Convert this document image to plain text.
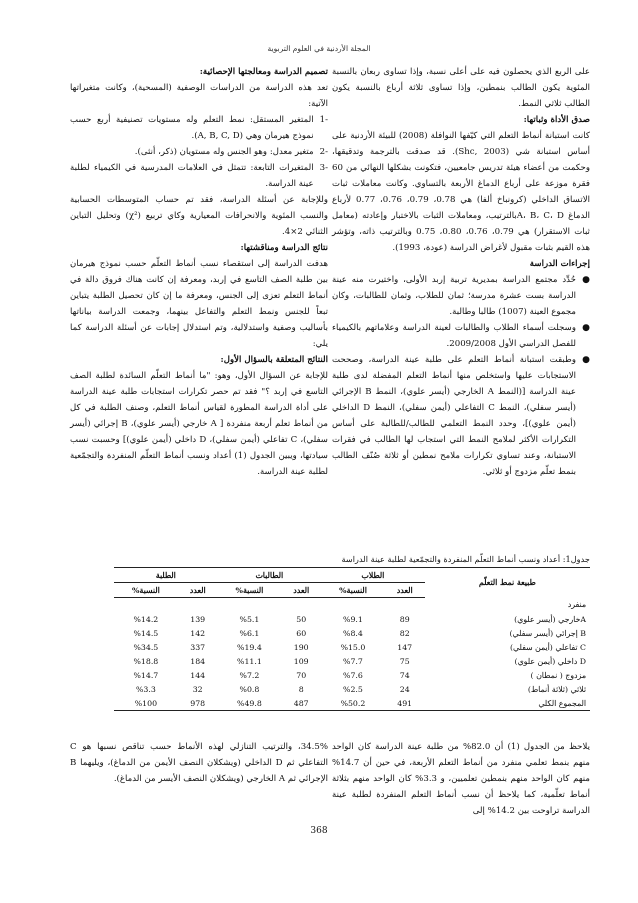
المجلة الأردنية في العلوم التربوية

على الربع الذي يحصلون فيه على أعلى نسبة، وإذا تساوى ربعان بالنسبة المئوية يكون الطالب بنمطين، وإذا تساوى ثلاثة أرباع بالنسبة يكون الطالب ثلاثي النمط.

صدق الأداة وثباتها:

كانت استبانة أنماط التعلم التي كيّفها النوافلة (2008) للبيئة الأردنية على أساس استبانة شي (Shc, 2003). قد صدقت بالترجمة وتدقيقها، وحكمت من أعضاء هيئة تدريس جامعيين، فتكونت بشكلها النهائي من 60 فقرة موزعة على أرباع الدماغ الأربعة بالتساوي. وكانت معاملات ثبات الاتساق الداخلي (كرونباخ ألفا) هي 0.78، 0.79، 0.76، 0.77 لأرباع الدماغ A، B، C، Dبالترتيب، ومعاملات الثبات بالاختبار وإعادته (معامل ثبات الاستقرار) هي 0.79، 0.76، 0.80، 0.75 وبالترتيب ذاته، وتؤشر هذه القيم بثبات مقبول لأغراض الدراسة (عودة، 1993).

إجراءات الدراسة

●
حُدِّد مجتمع الدراسة بمديرية تربية إربد الأولى، واختيرت منه عينة الدراسة بست عشرة مدرسة؛ ثمان للطلاب، وثمان للطالبات، وكان مجموع العينة (1007) طالبا وطالبة.
●
وسجلت أسماء الطلاب والطالبات لعينة الدراسة وعلاماتهم بالكيمياء للفصل الدراسي الأول 2009/2008.
●
وطبقت استبانة أنماط التعلم على طلبة عينة الدراسة، وصححت الاستجابات عليها واستخلص منها أنماط التعلم المفضلة لدى طلبة عينة الدراسة [(النمط A الخارجي (أيسر علوي)، النمط B الإجرائي (أيسر سفلي)، النمط C التفاعلي (أيمن سفلي)، النمط D الداخلي (أيمن علوي)]، وحدد النمط التعلمي للطالب/للطالبة على أساس التكرارات الأكثر لملامح النمط التي استجاب لها الطالب في فقرات الاستبانة، وعند تساوي تكرارات ملامح نمطين أو ثلاثة صُنّف الطالب بنمط تعلّم مزدوج أو ثلاثي.

تصميم الدراسة ومعالجتها الإحصائية:

تعد هذه الدراسة من الدراسات الوصفية (المسحية)، وكانت متغيراتها الآتية:

-1
المتغير المستقل: نمط التعلم وله مستويات تصنيفية أربع حسب نموذج هيرمان وهي (A, B, C, D).
-2
متغير معدل: وهو الجنس وله مستويان (ذكر، أنثى).
-3
المتغيرات التابعة: تتمثل في العلامات المدرسية في الكيمياء لطلبة عينة الدراسة.

وللإجابة عن أسئلة الدراسة، فقد تم حساب المتوسطات الحسابية والنسب المئوية والانحرافات المعيارية وكاي تربيع (χ²) وتحليل التباين الثنائي 2×4.

نتائج الدراسة ومناقشتها:

هدفت الدراسة إلى استقصاء نسب أنماط التعلّم حسب نموذج هيرمان بين طلبة الصف التاسع في إربد، ومعرفة إن كانت هناك فروق دالة في أنماط التعلم تعزى إلى الجنس، ومعرفة ما إن كان تحصيل الطلبة يتباين تبعاً للجنس ونمط التعلم والتفاعل بينهما، وجمعت الدراسة بياناتها بأساليب وصفية واستدلالية، وتم استدلال إجابات عن أسئلة الدراسة كما يلي:

النتائج المتعلقة بالسؤال الأول:

للإجابة عن السؤال الأول، وهو: "ما أنماط التعلّم السائدة لطلبة الصف التاسع في إربد ؟" فقد تم حصر تكرارات استجابات طلبة عينة الدراسة على أداة الدراسة المطورة لقياس أنماط التعلم، وصنف الطلبة في كل من أنماط تعلم أربعة منفردة [ A خارجي (أيسر علوي)، B إجرائي (أيسر سفلي)، C تفاعلي (أيمن سفلي)، D داخلي (أيمن علوي)] وحسبت نسب سيادتها، ويبين الجدول (1) أعداد ونسب أنماط التعلّم المنفردة والتجمّعية لطلبة عينة الدراسة.

جدول1: أعداد ونسب أنماط التعلّم المنفردة والتجمّعية لطلبة عينة الدراسة
طبيعة نمط التعلّم	الطلاب		الطالبات		الطلبة	
	العدد	النسبة%	العدد	النسبة%	العدد	النسبة%
منفرد						
Aخارجي (أيسر علوي)	89	%9.1	50	%5.1	139	%14.2
B إجرائي (أيسر سفلي)	82	%8.4	60	%6.1	142	%14.5
C تفاعلي (أيمن سفلي)	147	%15.0	190	%19.4	337	%34.5
D داخلي (أيمن علوي)	75	%7.7	109	%11.1	184	%18.8
مزدوج ( نمطان )	74	%7.6	70	%7.2	144	%14.7
ثلاثي (ثلاثة أنماط)	24	%2.5	8	%0.8	32	%3.3
المجموع الكلي	491	%50.2	487	%49.8	978	%100
يلاحظ من الجدول (1) أن 82.0% من طلبة عينة الدراسة كان الواحد منهم بنمط تعلمي منفرد من أنماط التعلم الأربعة، في حين أن 14.7% منهم كان الواحد منهم بنمطين تعلميين، و 3.3% كان الواحد منهم بثلاثة أنماط تعلّمية، كما يلاحظ أن نسب أنماط التعلم المنفردة لطلبة عينة الدراسة تراوحت بين 14.2% إلى
34.5%، والترتيب التنازلي لهذه الأنماط حسب تناقص نسبها هو C التفاعلي ثم D الداخلي (ويشكلان النصف الأيمن من الدماغ)، ويليهما B الإجرائي ثم A الخارجي (ويشكلان النصف الأيسر من الدماغ).
368
